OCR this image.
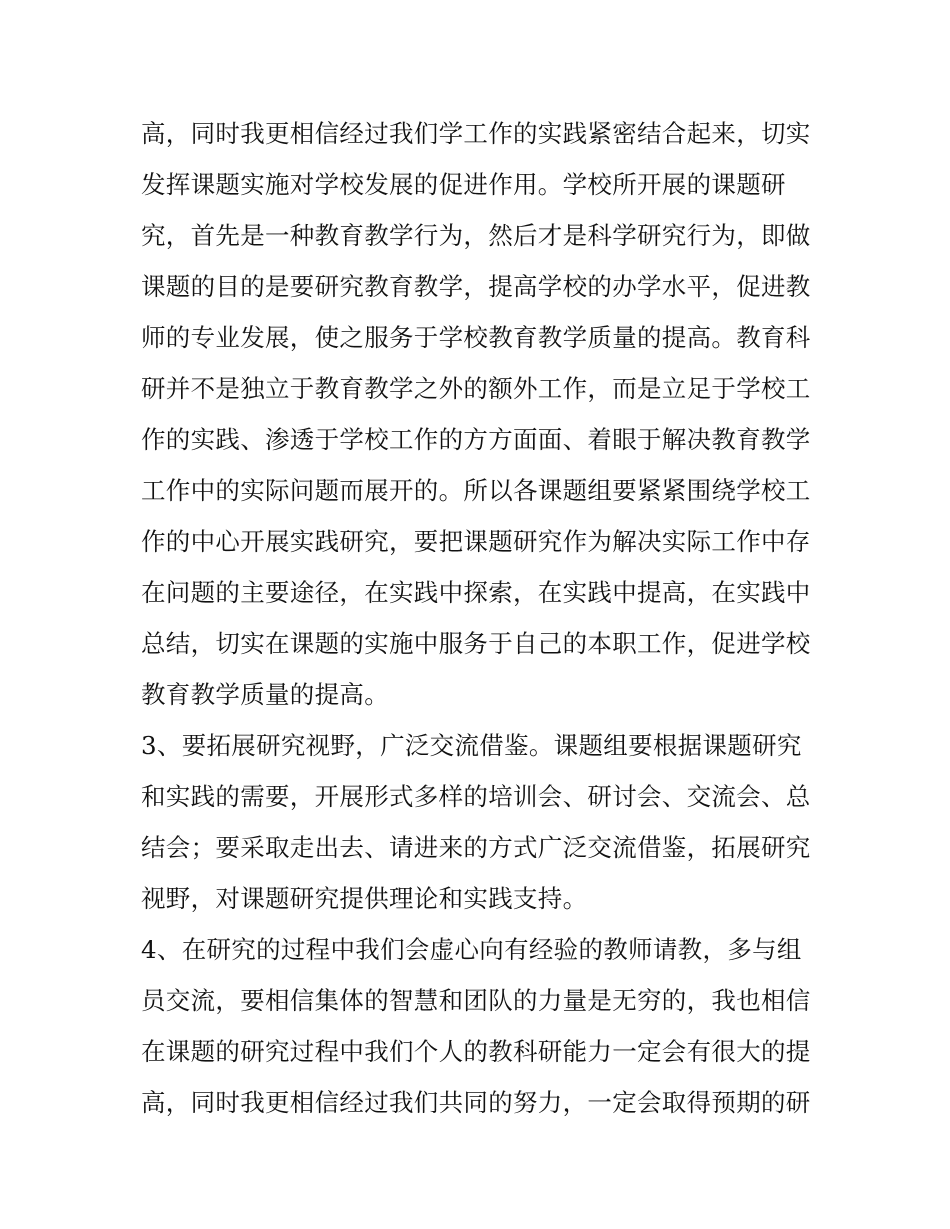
高，同时我更相信经过我们学工作的实践紧密结合起来，切实
发挥课题实施对学校发展的促进作用。学校所开展的课题研
究，首先是一种教育教学行为，然后才是科学研究行为，即做
课题的目的是要研究教育教学，提高学校的办学水平，促进教
师的专业发展，使之服务于学校教育教学质量的提高。教育科
研并不是独立于教育教学之外的额外工作，而是立足于学校工
作的实践、渗透于学校工作的方方面面、着眼于解决教育教学
工作中的实际问题而展开的。所以各课题组要紧紧围绕学校工
作的中心开展实践研究，要把课题研究作为解决实际工作中存
在问题的主要途径，在实践中探索，在实践中提高，在实践中
总结，切实在课题的实施中服务于自己的本职工作，促进学校
教育教学质量的提高。
3、要拓展研究视野，广泛交流借鉴。课题组要根据课题研究
和实践的需要，开展形式多样的培训会、研讨会、交流会、总
结会；要采取走出去、请进来的方式广泛交流借鉴，拓展研究
视野，对课题研究提供理论和实践支持。
4、在研究的过程中我们会虚心向有经验的教师请教，多与组
员交流，要相信集体的智慧和团队的力量是无穷的，我也相信
在课题的研究过程中我们个人的教科研能力一定会有很大的提
高，同时我更相信经过我们共同的努力，一定会取得预期的研
